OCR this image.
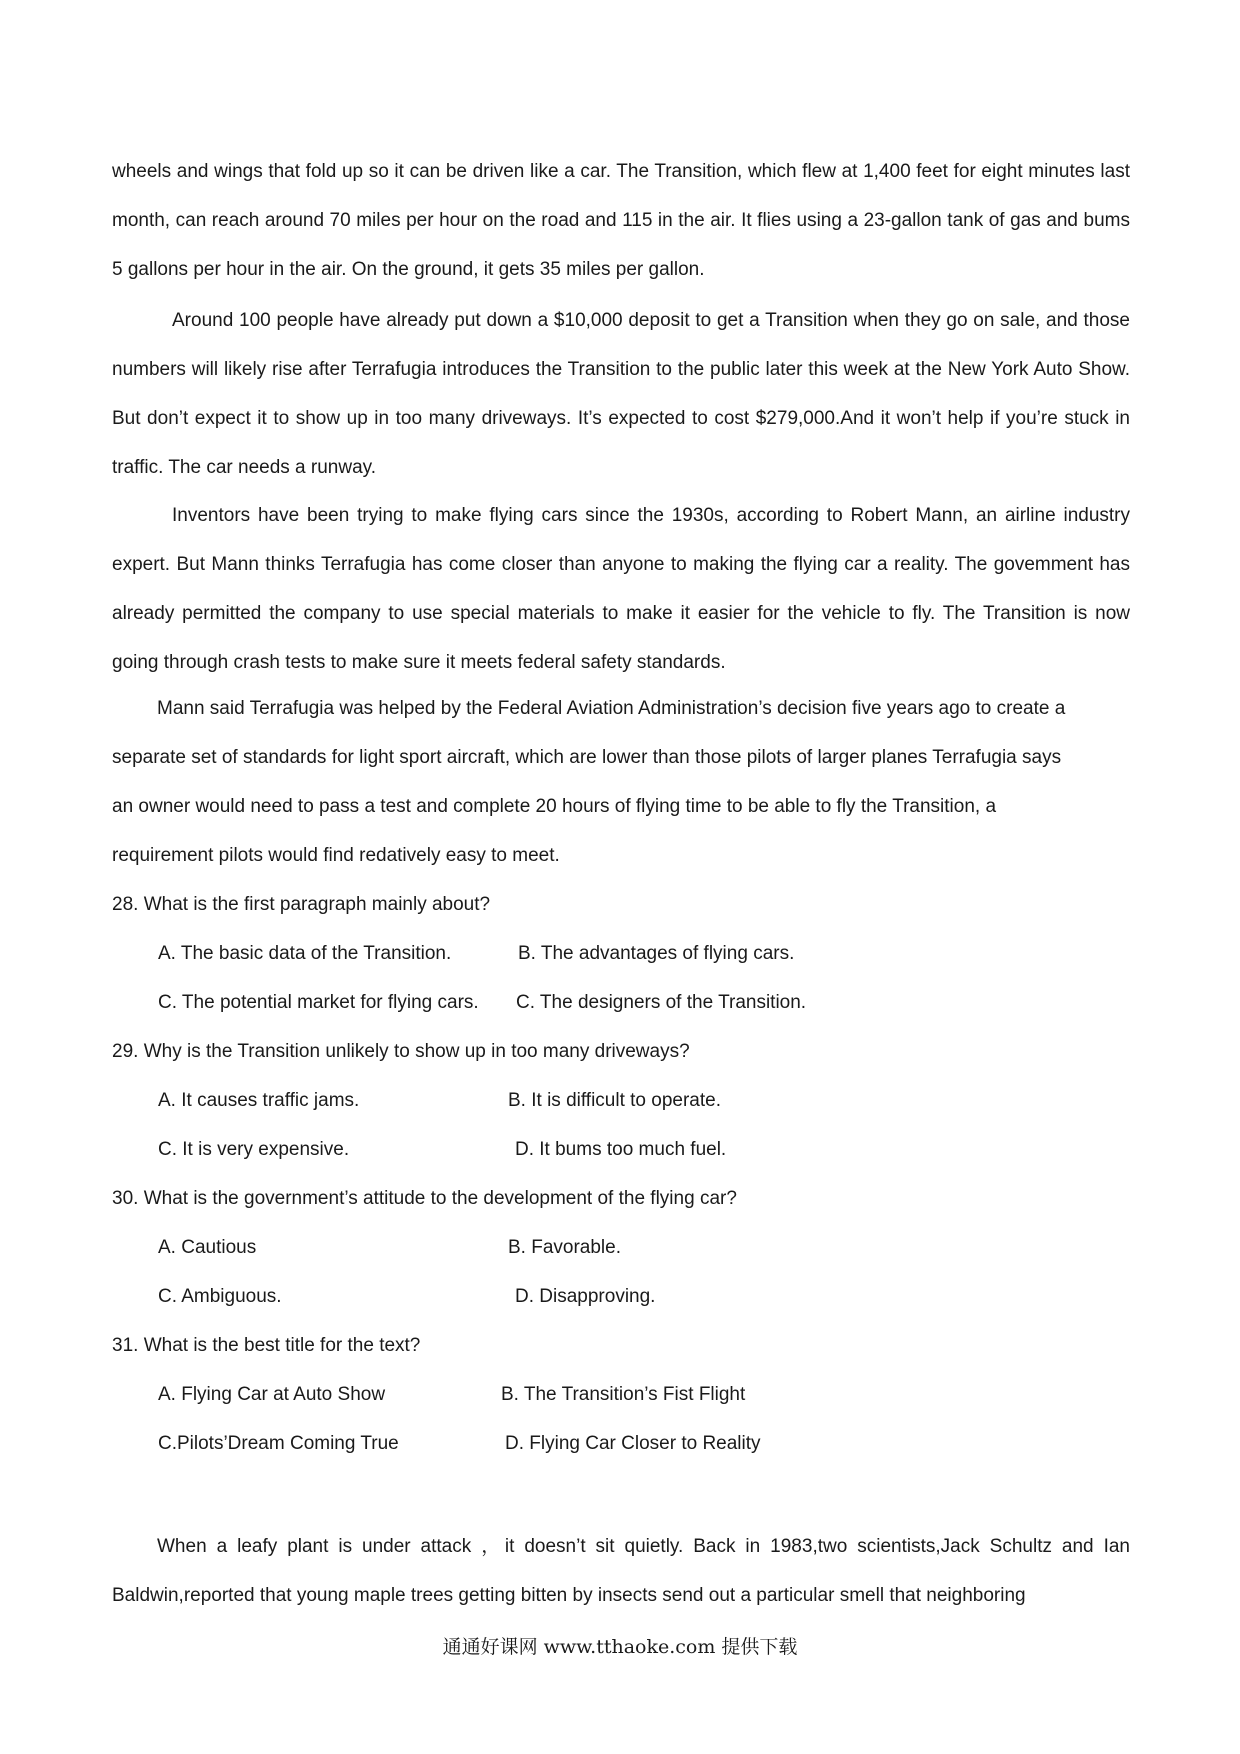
wheels and wings that fold up so it can be driven like a car. The Transition, which flew at 1,400 feet for eight minutes last month, can reach around 70 miles per hour on the road and 115 in the air. It flies using a 23-gallon tank of gas and bums 5 gallons per hour in the air. On the ground, it gets 35 miles per gallon.

Around 100 people have already put down a $10,000 deposit to get a Transition when they go on sale, and those numbers will likely rise after Terrafugia introduces the Transition to the public later this week at the New York Auto Show. But don’t expect it to show up in too many driveways. It’s expected to cost $279,000.And it won’t help if you’re stuck in traffic. The car needs a runway.

Inventors have been trying to make flying cars since the 1930s, according to Robert Mann, an airline industry expert. But Mann thinks Terrafugia has come closer than anyone to making the flying car a reality. The govemment has already permitted the company to use special materials to make it easier for the vehicle to fly. The Transition is now going through crash tests to make sure it meets federal safety standards.

Mann said Terrafugia was helped by the Federal Aviation Administration’s decision five years ago to create a
separate set of standards for light sport aircraft, which are lower than those pilots of larger planes Terrafugia says
an owner would need to pass a test and complete 20 hours of flying time to be able to fly the Transition, a
requirement pilots would find redatively easy to meet.
28. What is the first paragraph mainly about?
A. The basic data of the Transition.	B. The advantages of flying cars.
C. The potential market for flying cars. C. The designers of the Transition.
29. Why is the Transition unlikely to show up in too many driveways?
A. It causes traffic jams.	B. It is difficult to operate.
C. It is very expensive.	D. It bums too much fuel.
30. What is the government’s attitude to the development of the flying car?
A. Cautious	B. Favorable.
C. Ambiguous.	D. Disapproving.
31. What is the best title for the text?
A. Flying Car at Auto Show	B. The Transition’s Fist Flight
C.Pilots’Dream Coming True	D. Flying Car Closer to Reality

When a leafy plant is under attack ，it doesn’t sit quietly. Back in 1983,two scientists,Jack Schultz and Ian Baldwin,reported that young maple trees getting bitten by insects send out a particular smell that neighboring

通通好课网 www.tthaoke.com 提供下载
